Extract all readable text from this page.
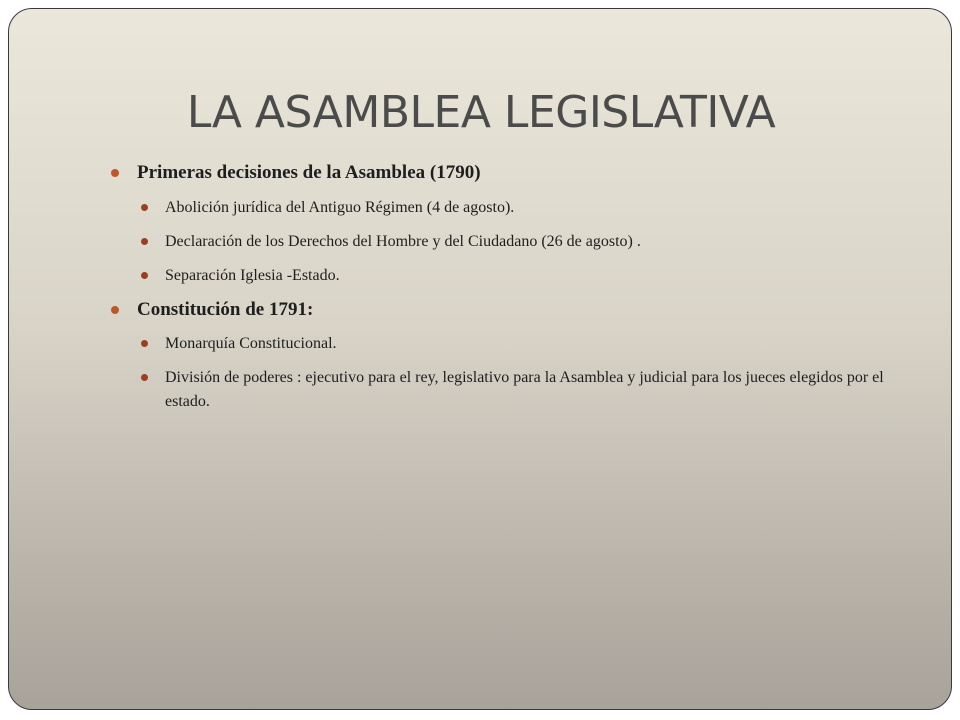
LA ASAMBLEA LEGISLATIVA
Primeras decisiones de la Asamblea (1790)
Abolición jurídica del Antiguo Régimen (4 de agosto).
Declaración de los Derechos del Hombre y del Ciudadano (26 de agosto) .
Separación Iglesia -Estado.
Constitución de 1791:
Monarquía Constitucional.
División de poderes : ejecutivo para el rey, legislativo para la Asamblea y judicial para los jueces elegidos por el estado.
